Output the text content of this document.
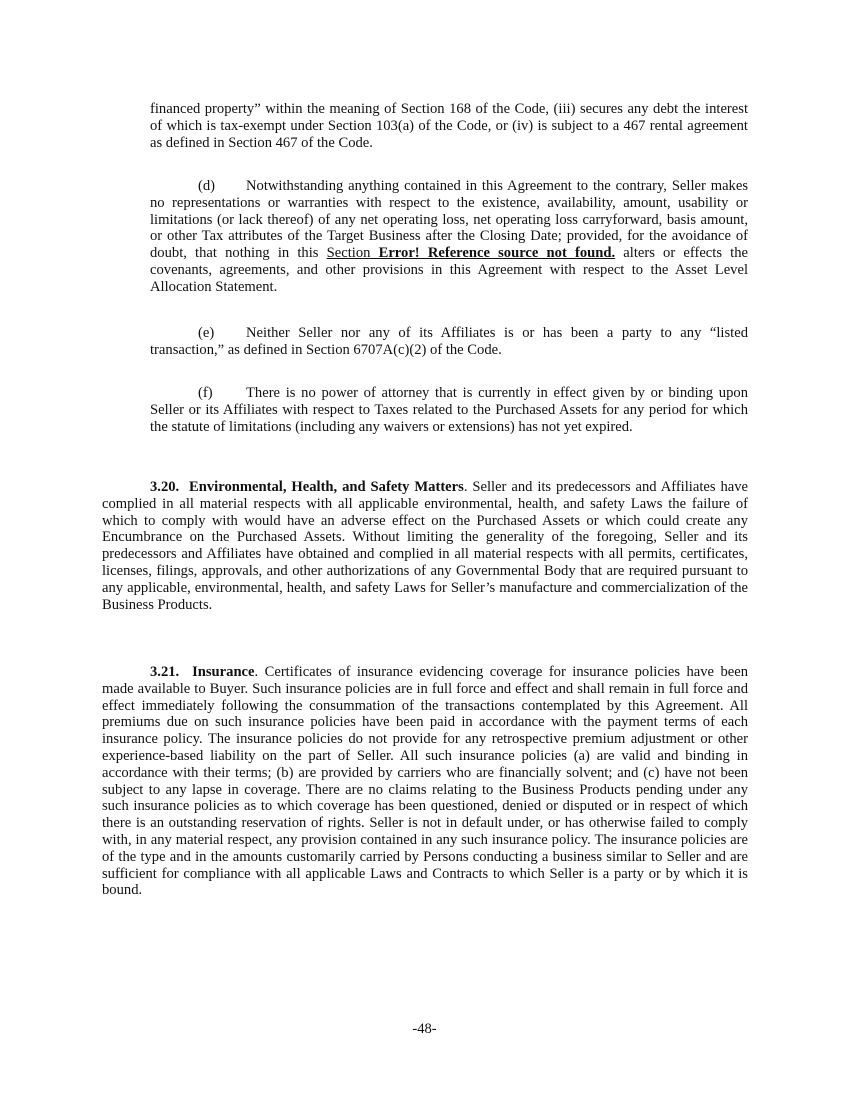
financed property” within the meaning of Section 168 of the Code, (iii) secures any debt the interest of which is tax-exempt under Section 103(a) of the Code, or (iv) is subject to a 467 rental agreement as defined in Section 467 of the Code.

(d) Notwithstanding anything contained in this Agreement to the contrary, Seller makes no representations or warranties with respect to the existence, availability, amount, usability or limitations (or lack thereof) of any net operating loss, net operating loss carryforward, basis amount, or other Tax attributes of the Target Business after the Closing Date; provided, for the avoidance of doubt, that nothing in this Section Error! Reference source not found. alters or effects the covenants, agreements, and other provisions in this Agreement with respect to the Asset Level Allocation Statement.

(e) Neither Seller nor any of its Affiliates is or has been a party to any “listed transaction,” as defined in Section 6707A(c)(2) of the Code.

(f) There is no power of attorney that is currently in effect given by or binding upon Seller or its Affiliates with respect to Taxes related to the Purchased Assets for any period for which the statute of limitations (including any waivers or extensions) has not yet expired.

3.20. Environmental, Health, and Safety Matters. Seller and its predecessors and Affiliates have complied in all material respects with all applicable environmental, health, and safety Laws the failure of which to comply with would have an adverse effect on the Purchased Assets or which could create any Encumbrance on the Purchased Assets. Without limiting the generality of the foregoing, Seller and its predecessors and Affiliates have obtained and complied in all material respects with all permits, certificates, licenses, filings, approvals, and other authorizations of any Governmental Body that are required pursuant to any applicable, environmental, health, and safety Laws for Seller’s manufacture and commercialization of the Business Products.

3.21. Insurance. Certificates of insurance evidencing coverage for insurance policies have been made available to Buyer. Such insurance policies are in full force and effect and shall remain in full force and effect immediately following the consummation of the transactions contemplated by this Agreement. All premiums due on such insurance policies have been paid in accordance with the payment terms of each insurance policy. The insurance policies do not provide for any retrospective premium adjustment or other experience-based liability on the part of Seller. All such insurance policies (a) are valid and binding in accordance with their terms; (b) are provided by carriers who are financially solvent; and (c) have not been subject to any lapse in coverage. There are no claims relating to the Business Products pending under any such insurance policies as to which coverage has been questioned, denied or disputed or in respect of which there is an outstanding reservation of rights. Seller is not in default under, or has otherwise failed to comply with, in any material respect, any provision contained in any such insurance policy. The insurance policies are of the type and in the amounts customarily carried by Persons conducting a business similar to Seller and are sufficient for compliance with all applicable Laws and Contracts to which Seller is a party or by which it is bound.

-48-
